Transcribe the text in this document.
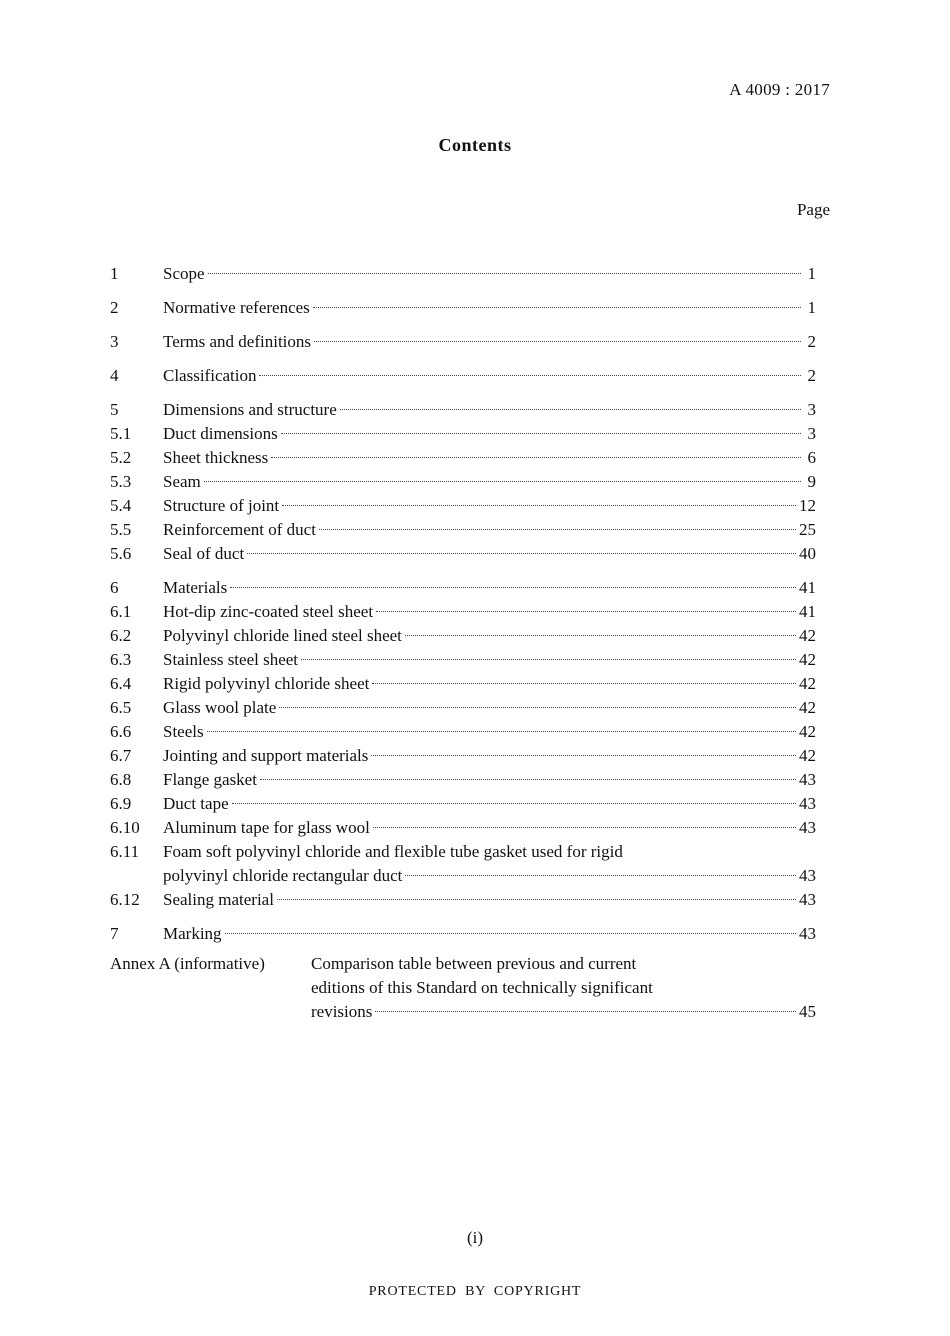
A 4009 : 2017
Contents
Page
1	Scope	1
2	Normative references	1
3	Terms and definitions	2
4	Classification	2
5	Dimensions and structure	3
5.1	Duct dimensions	3
5.2	Sheet thickness	6
5.3	Seam	9
5.4	Structure of joint	12
5.5	Reinforcement of duct	25
5.6	Seal of duct	40
6	Materials	41
6.1	Hot-dip zinc-coated steel sheet	41
6.2	Polyvinyl chloride lined steel sheet	42
6.3	Stainless steel sheet	42
6.4	Rigid polyvinyl chloride sheet	42
6.5	Glass wool plate	42
6.6	Steels	42
6.7	Jointing and support materials	42
6.8	Flange gasket	43
6.9	Duct tape	43
6.10	Aluminum tape for glass wool	43
6.11	Foam soft polyvinyl chloride and flexible tube gasket used for rigid
polyvinyl chloride rectangular duct	43
6.12	Sealing material	43
7	Marking	43
Annex A (informative)	Comparison table between previous and current
editions of this Standard on technically significant
revisions	45
(i)
PROTECTED BY COPYRIGHT
